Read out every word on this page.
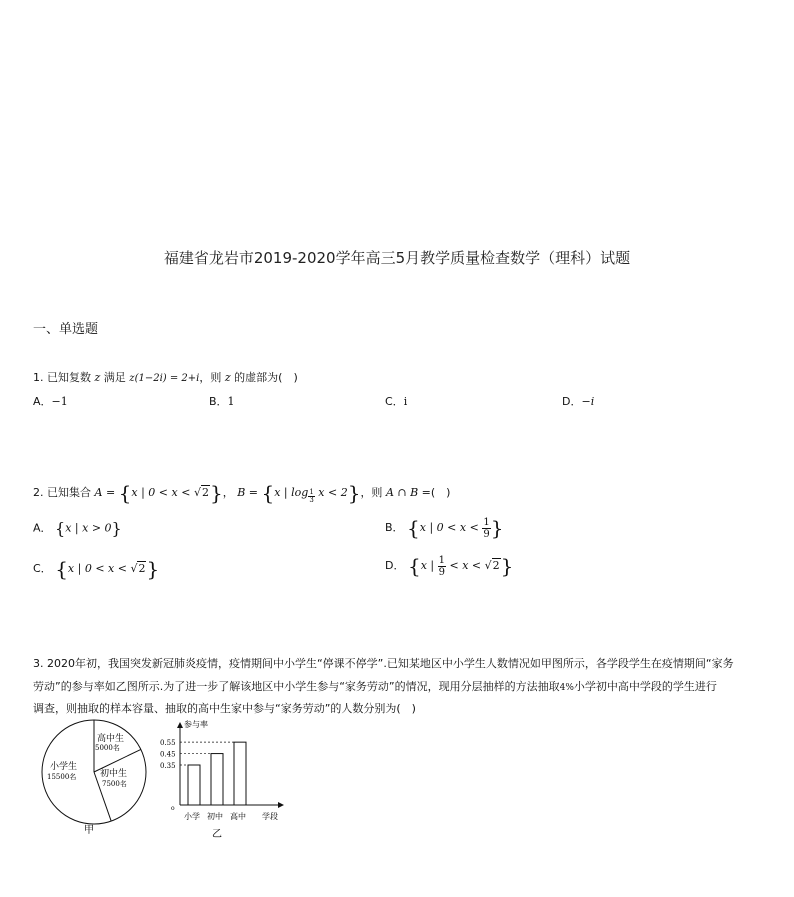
福建省龙岩市2019-2020学年高三5月教学质量检查数学（理科）试题
一、单选题
1. 已知复数 z 满足 z(1−2i) = 2+i，则 z 的虚部为(　)
A．−1	B．1	C．i	D．−i
2. 已知集合 A = {x | 0 < x < √2}， B = {x | $\log \frac{1}{3}$ x < 2}，则 A ∩ B =(　)
A． {x | x > 0}	B． {x | $0 < x < \frac{1}{9}$ }
C． {x | 0 < x < √2}	D． {x | $\frac{1}{9} < x < √2$}
3. 2020年初，我国突发新冠肺炎疫情，疫情期间中小学生“停课不停学”.已知某地区中小学生人数情况如甲图所示，各学段学生在疫情期间“家务
劳动”的参与率如乙图所示.为了进一步了解该地区中小学生参与“家务劳动”的情况，现用分层抽样的方法抽取4%小学初中高中学段的学生进行
调查，则抽取的样本容量、抽取的高中生家中参与“家务劳动”的人数分别为(　)
小学生
15500名	初中生
7500名
高中生
5000名
甲
参与率
学段
o
0.35
小学
0.45
初中
0.55
高中
乙
